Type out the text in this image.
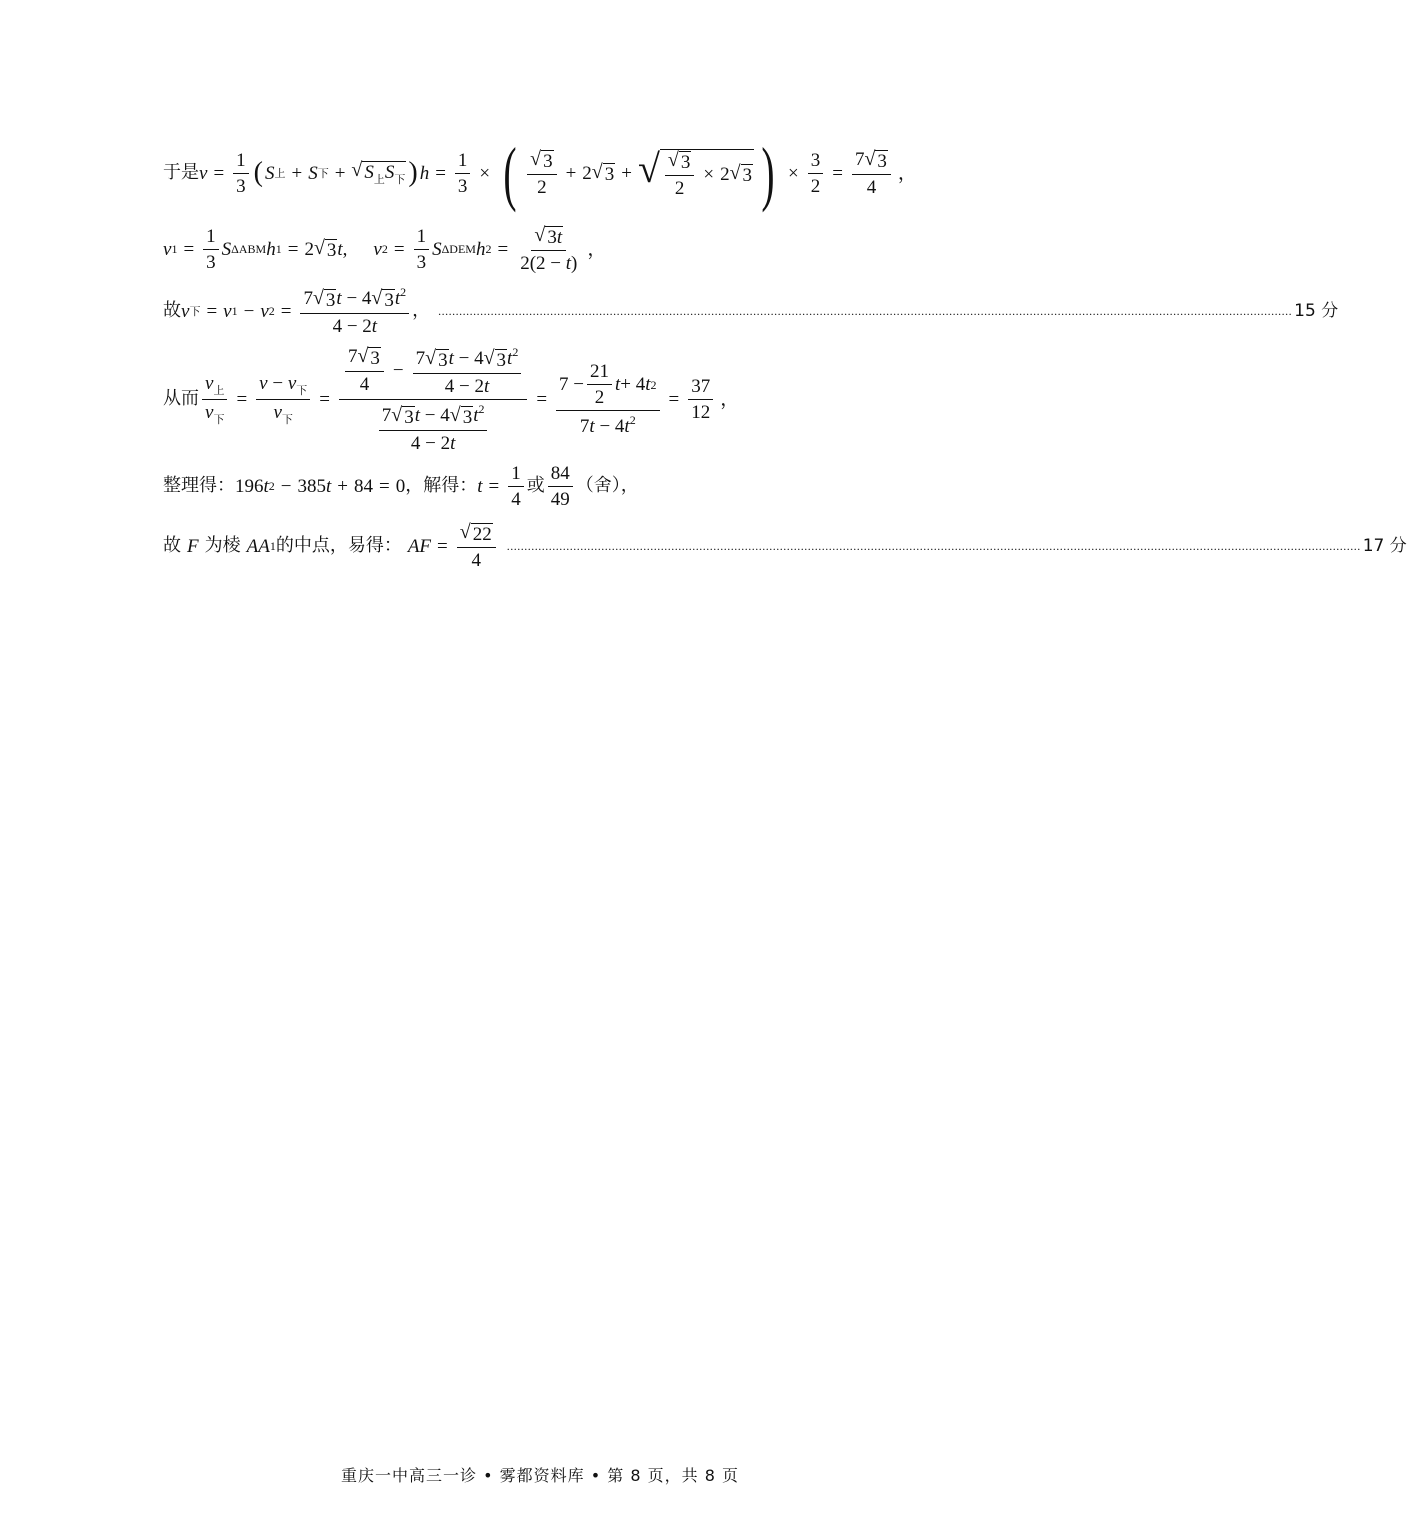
于是 $v = \frac{1}{3}$ ( S 上 + S 下 + √ $S_上S_下$ ) $h = \frac{1}{3}$ × ( $\frac{√ 3}{2} + 2$ √ 3 + √ $\frac{√ 3}{2} \times 2$ √ 3 ) × $\frac{3}{2} = \frac{7 √ 3}{4}$ ，
v $1 = \frac{1}{3}$ S ΔABM h 1 = 2 √ 3 t , v $2 = \frac{1}{3}$ S ΔDEM h $2 = \frac{√ 3t}{2(2 - t)}$ ，
故 v 下 = v 1 − v $2 = \frac{7 √ 3 t - 4 √ 3 t^2}{4 - 2t}$ ， .................................................................................................................................................................................................................................................... 15 分
从而 $\frac{v_上}{v_下} = \frac{v - v_下}{v_下} = \frac{\frac{7 √ 3}{4} - \frac{7 √ 3 t - 4 √ 3 t^2}{4 - 2t}}{\frac{7 √ 3 t - 4 √ 3 t^2}{4 - 2t}} = \frac{7 - \frac{21}{2} t + 4 t 2}{7t - 4t^2} = \frac{37}{12}$ ，
整理得： 196 t 2 − 385 t + 84 = 0 ，解得： $t = \frac{1}{4}$ 或 $\frac{84}{49}$ （舍），
故 F 为棱 AA 1 的中点，易得： AF = $\frac{√ 22}{4}$ .................................................................................................................................................................................................................................................... 17 分
重庆一中高三一诊 • 雾都资料库 • 第 8 页，共 8 页
